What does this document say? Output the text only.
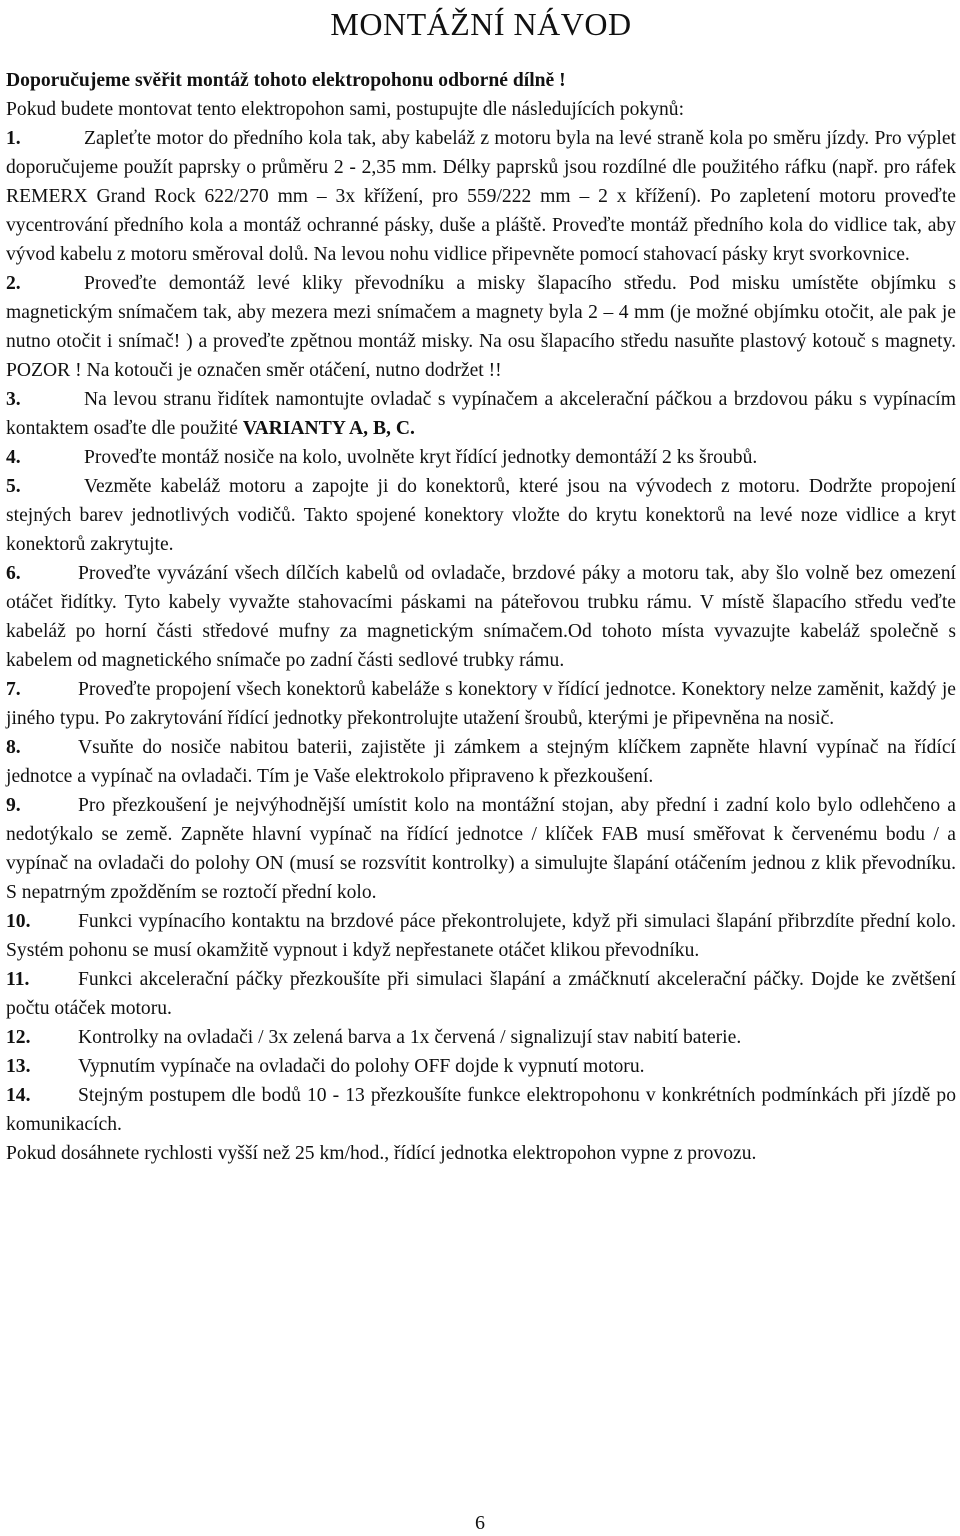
MONTÁŽNÍ NÁVOD

Doporučujeme svěřit montáž tohoto elektropohonu odborné dílně !

Pokud budete montovat tento elektropohon sami, postupujte dle následujících pokynů:

1.	Zapleťte motor do předního kola tak, aby kabeláž z motoru byla na levé straně kola po směru jízdy. Pro výplet doporučujeme použít paprsky o průměru 2 - 2,35 mm. Délky paprsků jsou rozdílné dle použitého ráfku (např. pro ráfek REMERX Grand Rock 622/270 mm – 3x křížení, pro 559/222 mm – 2 x křížení). Po zapletení motoru proveďte vycentrování předního kola a montáž ochranné pásky, duše a pláště. Proveďte montáž předního kola do vidlice tak, aby vývod kabelu z motoru směroval dolů. Na levou nohu vidlice připevněte pomocí stahovací pásky kryt svorkovnice.

2.	Proveďte demontáž levé kliky převodníku a misky šlapacího středu. Pod misku umístěte objímku s magnetickým snímačem tak, aby mezera mezi snímačem a magnety byla 2 – 4 mm (je možné objímku otočit, ale pak je nutno otočit i snímač! ) a proveďte zpětnou montáž misky. Na osu šlapacího středu nasuňte plastový kotouč s magnety. POZOR ! Na kotouči je označen směr otáčení, nutno dodržet !!

3.	Na levou stranu řidítek namontujte ovladač s vypínačem a akcelerační páčkou a brzdovou páku s vypínacím kontaktem osaďte dle použité VARIANTY A, B, C.

4.	Proveďte montáž nosiče na kolo, uvolněte kryt řídící jednotky demontáží 2 ks šroubů.

5.	Vezměte kabeláž motoru a zapojte ji do konektorů, které jsou na vývodech z motoru. Dodržte propojení stejných barev jednotlivých vodičů. Takto spojené konektory vložte do krytu konektorů na levé noze vidlice a kryt konektorů zakrytujte.

6.	Proveďte vyvázání všech dílčích kabelů od ovladače, brzdové páky a motoru tak, aby šlo volně bez omezení otáčet řidítky. Tyto kabely vyvažte stahovacími páskami na páteřovou trubku rámu. V místě šlapacího středu veďte kabeláž po horní části středové mufny za magnetickým snímačem.Od tohoto místa vyvazujte kabeláž společně s kabelem od magnetického snímače po zadní části sedlové trubky rámu.

7.	Proveďte propojení všech konektorů kabeláže s konektory v řídící jednotce. Konektory nelze zaměnit, každý je jiného typu. Po zakrytování řídící jednotky překontrolujte utažení šroubů, kterými je připevněna na nosič.

8.	Vsuňte do nosiče nabitou baterii, zajistěte ji zámkem a stejným klíčkem zapněte hlavní vypínač na řídící jednotce a vypínač na ovladači. Tím je Vaše elektrokolo připraveno k přezkoušení.

9.	Pro přezkoušení je nejvýhodnější umístit kolo na montážní stojan, aby přední i zadní kolo bylo odlehčeno a nedotýkalo se země. Zapněte hlavní vypínač na řídící jednotce / klíček FAB musí směřovat k červenému bodu / a vypínač na ovladači do polohy ON (musí se rozsvítit kontrolky) a simulujte šlapání otáčením jednou z klik převodníku. S nepatrným zpožděním se roztočí přední kolo.

10. Funkci vypínacího kontaktu na brzdové páce překontrolujete, když při simulaci šlapání přibrzdíte přední kolo. Systém pohonu se musí okamžitě vypnout i když nepřestanete otáčet klikou převodníku.

11. Funkci akcelerační páčky přezkoušíte při simulaci šlapání a zmáčknutí akcelerační páčky. Dojde ke zvětšení počtu otáček motoru.

12. Kontrolky na ovladači / 3x zelená barva a 1x červená / signalizují stav nabití baterie.

13. Vypnutím vypínače na ovladači do polohy OFF dojde k vypnutí motoru.

14. Stejným postupem dle bodů 10 - 13 přezkoušíte funkce elektropohonu v konkrétních podmínkách při jízdě po komunikacích.

Pokud dosáhnete rychlosti vyšší než 25 km/hod., řídící jednotka elektropohon vypne z provozu.

6
